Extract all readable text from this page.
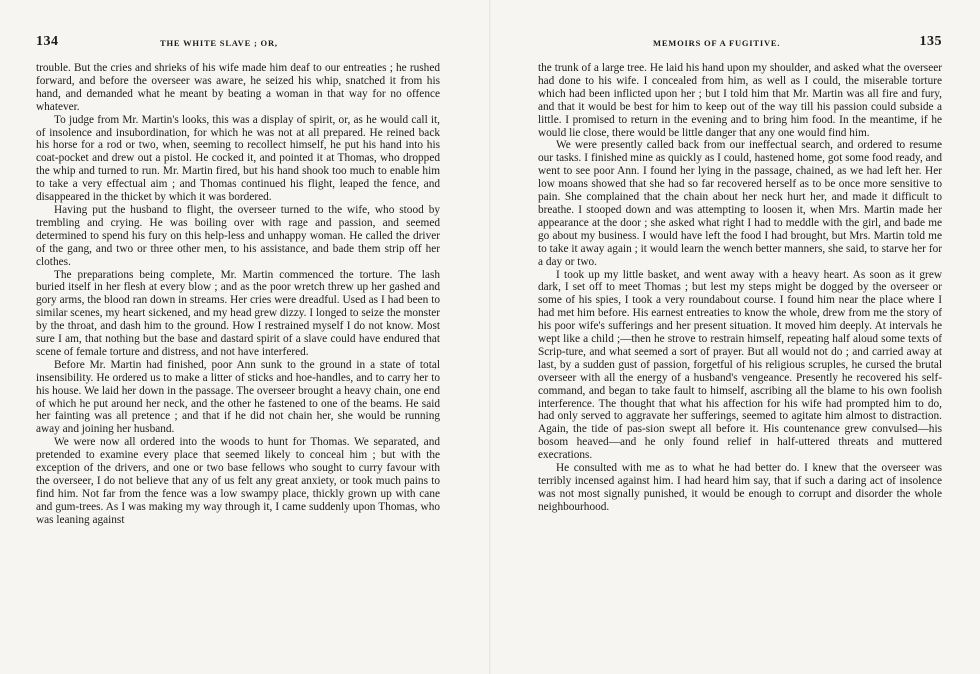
134	THE WHITE SLAVE ; OR,

trouble. But the cries and shrieks of his wife made him deaf to our entreaties ; he rushed forward, and before the overseer was aware, he seized his whip, snatched it from his hand, and demanded what he meant by beating a woman in that way for no offence whatever.

To judge from Mr. Martin's looks, this was a display of spirit, or, as he would call it, of insolence and insubordination, for which he was not at all prepared. He reined back his horse for a rod or two, when, seeming to recollect himself, he put his hand into his coat-pocket and drew out a pistol. He cocked it, and pointed it at Thomas, who dropped the whip and turned to run. Mr. Martin fired, but his hand shook too much to enable him to take a very effectual aim ; and Thomas continued his flight, leaped the fence, and disappeared in the thicket by which it was bordered.

Having put the husband to flight, the overseer turned to the wife, who stood by trembling and crying. He was boiling over with rage and passion, and seemed determined to spend his fury on this help-less and unhappy woman. He called the driver of the gang, and two or three other men, to his assistance, and bade them strip off her clothes.

The preparations being complete, Mr. Martin commenced the torture. The lash buried itself in her flesh at every blow ; and as the poor wretch threw up her gashed and gory arms, the blood ran down in streams. Her cries were dreadful. Used as I had been to similar scenes, my heart sickened, and my head grew dizzy. I longed to seize the monster by the throat, and dash him to the ground. How I restrained myself I do not know. Most sure I am, that nothing but the base and dastard spirit of a slave could have endured that scene of female torture and distress, and not have interfered.

Before Mr. Martin had finished, poor Ann sunk to the ground in a state of total insensibility. He ordered us to make a litter of sticks and hoe-handles, and to carry her to his house. We laid her down in the passage. The overseer brought a heavy chain, one end of which he put around her neck, and the other he fastened to one of the beams. He said her fainting was all pretence ; and that if he did not chain her, she would be running away and joining her husband.

We were now all ordered into the woods to hunt for Thomas. We separated, and pretended to examine every place that seemed likely to conceal him ; but with the exception of the drivers, and one or two base fellows who sought to curry favour with the overseer, I do not believe that any of us felt any great anxiety, or took much pains to find him. Not far from the fence was a low swampy place, thickly grown up with cane and gum-trees. As I was making my way through it, I came suddenly upon Thomas, who was leaning against

MEMOIRS OF A FUGITIVE.	135

the trunk of a large tree. He laid his hand upon my shoulder, and asked what the overseer had done to his wife. I concealed from him, as well as I could, the miserable torture which had been inflicted upon her ; but I told him that Mr. Martin was all fire and fury, and that it would be best for him to keep out of the way till his passion could subside a little. I promised to return in the evening and to bring him food. In the meantime, if he would lie close, there would be little danger that any one would find him.

We were presently called back from our ineffectual search, and ordered to resume our tasks. I finished mine as quickly as I could, hastened home, got some food ready, and went to see poor Ann. I found her lying in the passage, chained, as we had left her. Her low moans showed that she had so far recovered herself as to be once more sensitive to pain. She complained that the chain about her neck hurt her, and made it difficult to breathe. I stooped down and was attempting to loosen it, when Mrs. Martin made her appearance at the door ; she asked what right I had to meddle with the girl, and bade me go about my business. I would have left the food I had brought, but Mrs. Martin told me to take it away again ; it would learn the wench better manners, she said, to starve her for a day or two.

I took up my little basket, and went away with a heavy heart. As soon as it grew dark, I set off to meet Thomas ; but lest my steps might be dogged by the overseer or some of his spies, I took a very roundabout course. I found him near the place where I had met him before. His earnest entreaties to know the whole, drew from me the story of his poor wife's sufferings and her present situation. It moved him deeply. At intervals he wept like a child ;—then he strove to restrain himself, repeating half aloud some texts of Scrip-ture, and what seemed a sort of prayer. But all would not do ; and carried away at last, by a sudden gust of passion, forgetful of his religious scruples, he cursed the brutal overseer with all the energy of a husband's vengeance. Presently he recovered his self-command, and began to take fault to himself, ascribing all the blame to his own foolish interference. The thought that what his affection for his wife had prompted him to do, had only served to aggravate her sufferings, seemed to agitate him almost to distraction. Again, the tide of pas-sion swept all before it. His countenance grew convulsed—his bosom heaved—and he only found relief in half-uttered threats and muttered execrations.

He consulted with me as to what he had better do. I knew that the overseer was terribly incensed against him. I had heard him say, that if such a daring act of insolence was not most signally punished, it would be enough to corrupt and disorder the whole neighbourhood.
